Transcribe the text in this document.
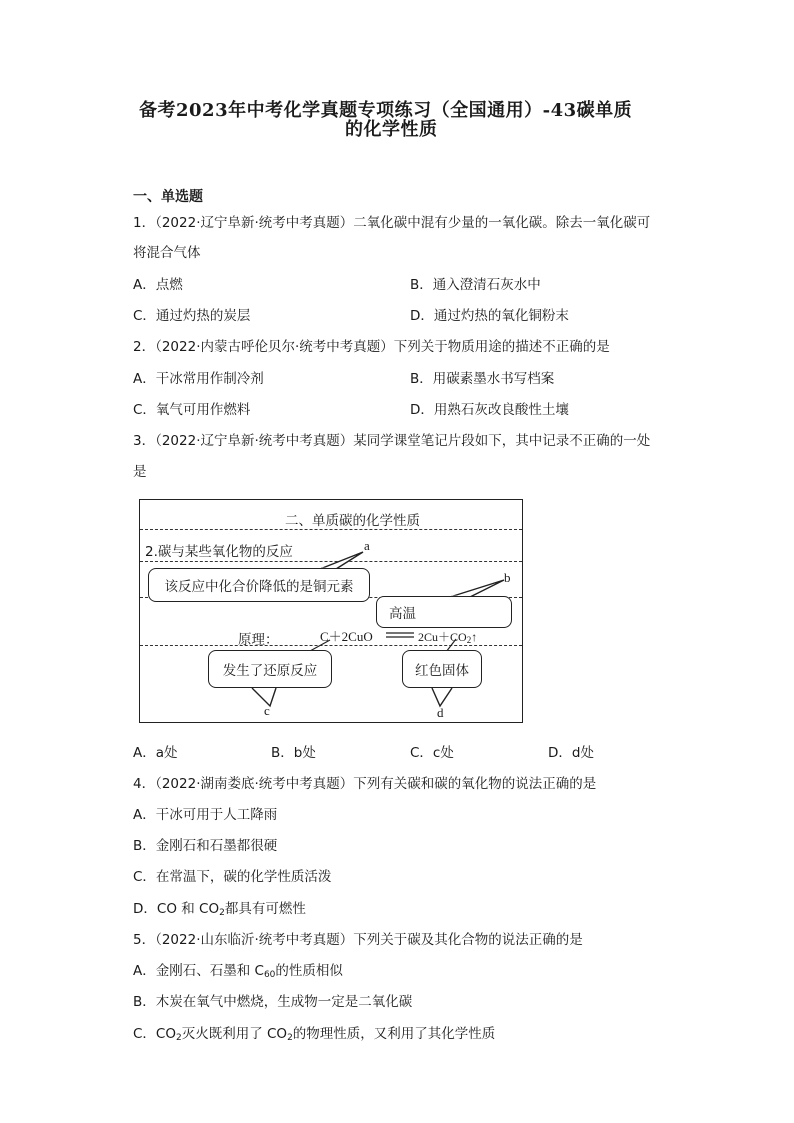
备考2023年中考化学真题专项练习（全国通用）-43碳单质
的化学性质
一、单选题
1．（2022·辽宁阜新·统考中考真题）二氧化碳中混有少量的一氧化碳。除去一氧化碳可
将混合气体
A．点燃	B．通入澄清石灰水中
C．通过灼热的炭层	D．通过灼热的氧化铜粉末
2．（2022·内蒙古呼伦贝尔·统考中考真题）下列关于物质用途的描述不正确的是
A．干冰常用作制冷剂	B．用碳素墨水书写档案
C．氧气可用作燃料	D．用熟石灰改良酸性土壤
3．（2022·辽宁阜新·统考中考真题）某同学课堂笔记片段如下，其中记录不正确的一处
是
二、单质碳的化学性质
2.碳与某些氧化物的反应	a
该反应中化合价降低的是铜元素
b
高温
原理：	C＋2CuO	$2Cu+CO_2↑$
发生了还原反应
c
红色固体
d
A．a处	B．b处	C．c处	D．d处
4．（2022·湖南娄底·统考中考真题）下列有关碳和碳的氧化物的说法正确的是
A．干冰可用于人工降雨
B．金刚石和石墨都很硬
C．在常温下，碳的化学性质活泼
D．CO 和 $CO_2$都具有可燃性
5．（2022·山东临沂·统考中考真题）下列关于碳及其化合物的说法正确的是
A．金刚石、石墨和 $C_{60}$的性质相似
B．木炭在氧气中燃烧，生成物一定是二氧化碳
C．$CO_2$灭火既利用了 $CO_2$的物理性质，又利用了其化学性质
